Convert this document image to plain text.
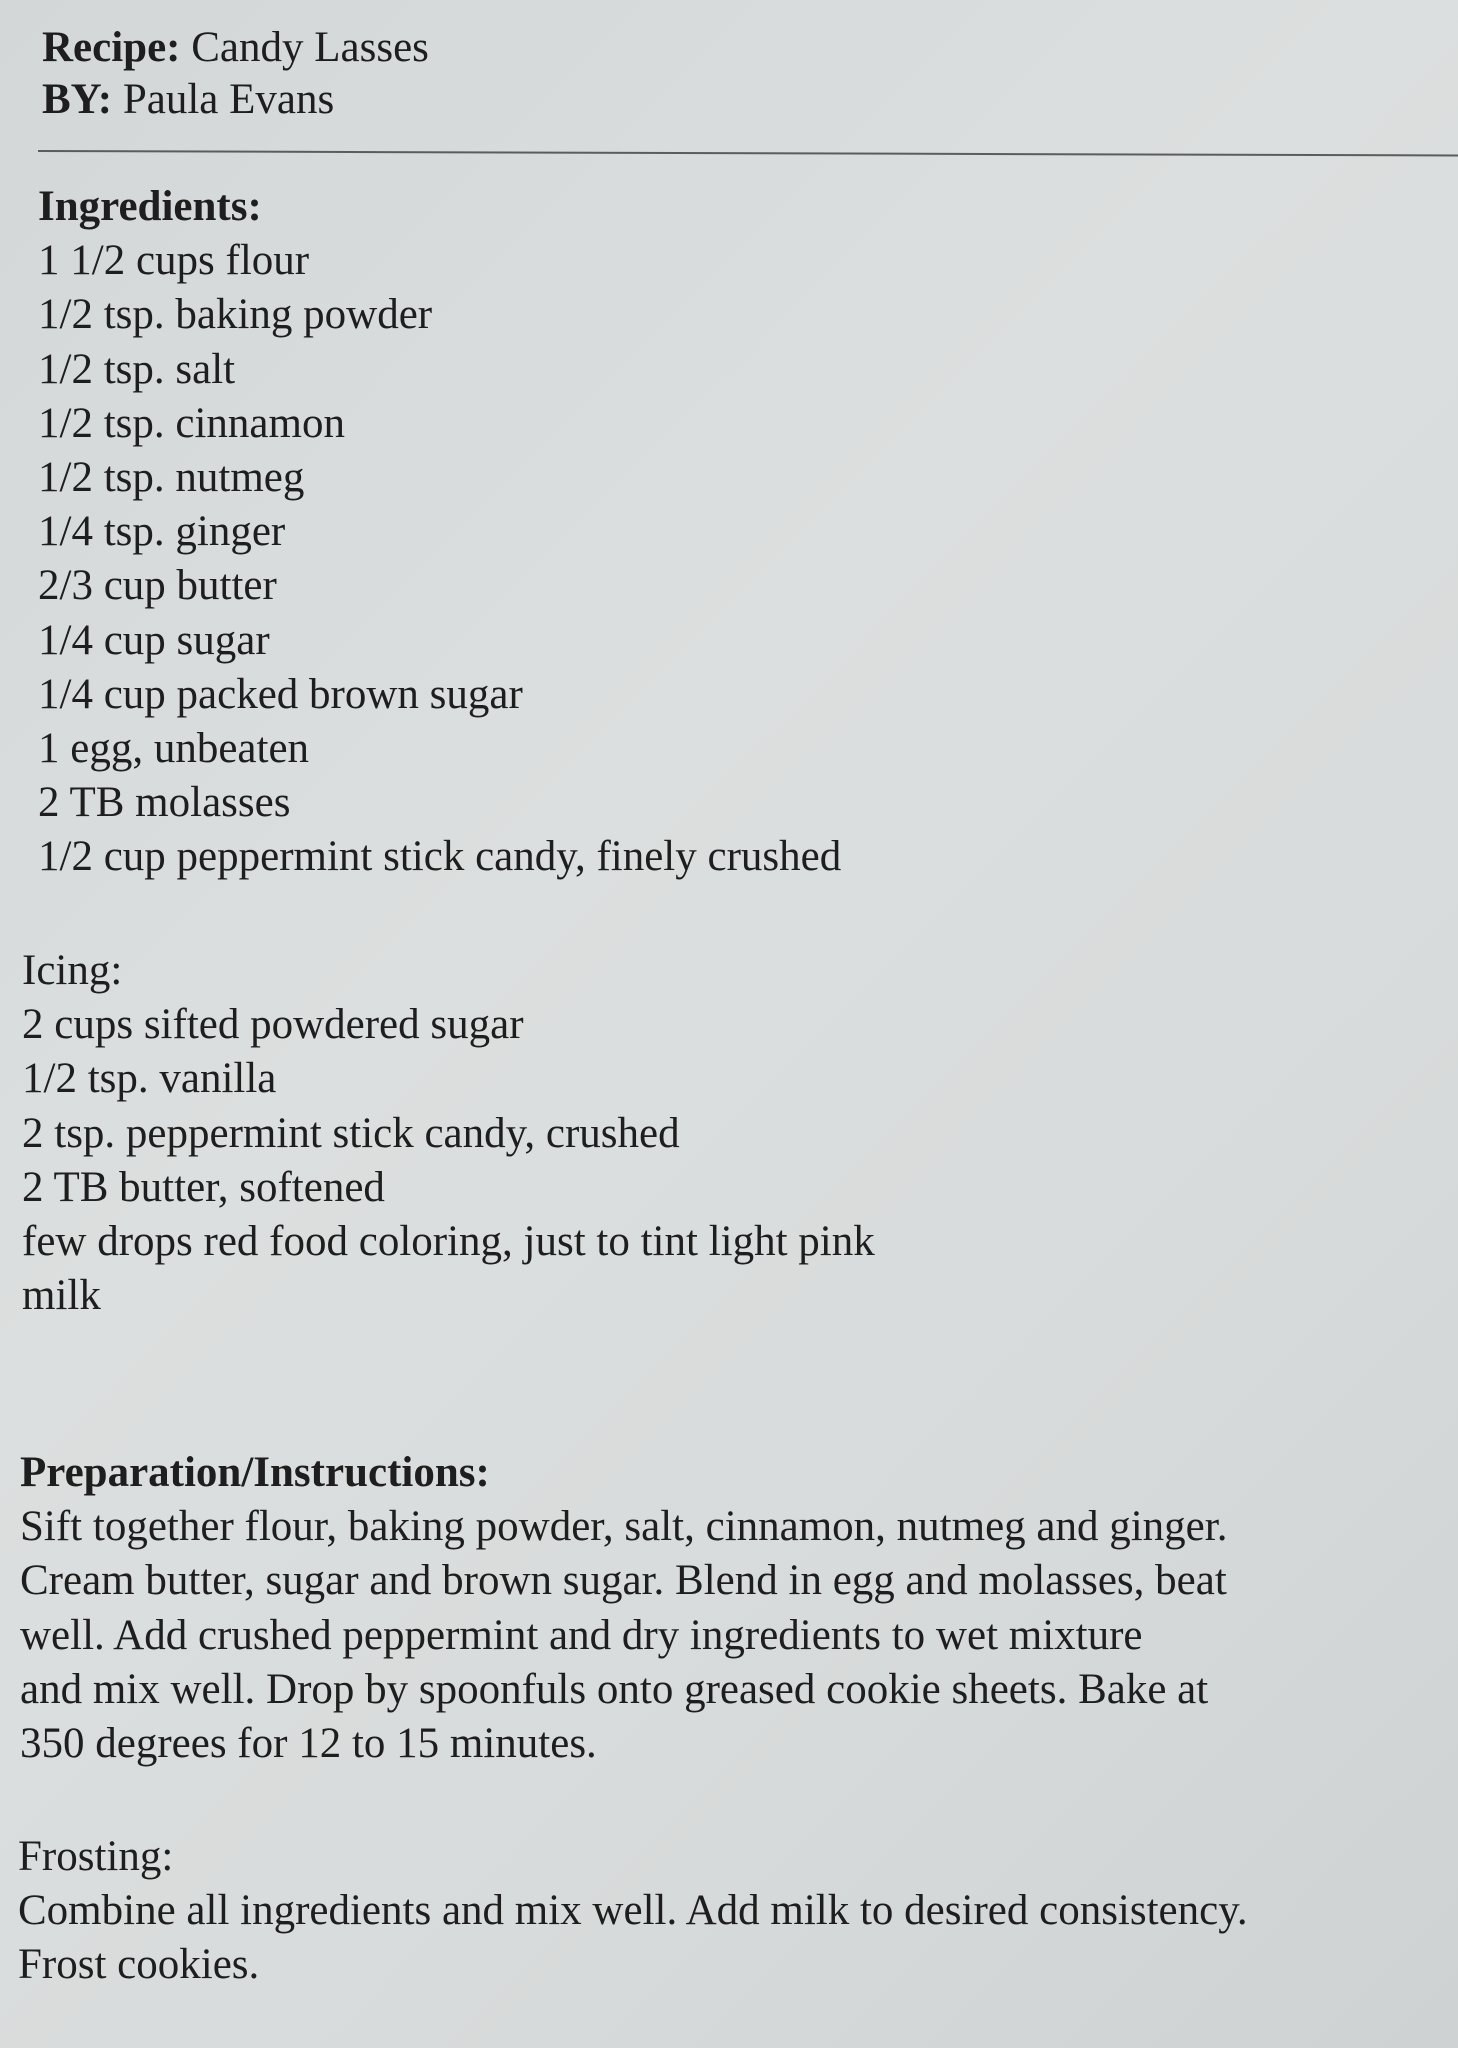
Recipe: Candy Lasses
BY: Paula Evans
Ingredients:
1 1/2 cups flour
1/2 tsp. baking powder
1/2 tsp. salt
1/2 tsp. cinnamon
1/2 tsp. nutmeg
1/4 tsp. ginger
2/3 cup butter
1/4 cup sugar
1/4 cup packed brown sugar
1 egg, unbeaten
2 TB molasses
1/2 cup peppermint stick candy, finely crushed
Icing:
2 cups sifted powdered sugar
1/2 tsp. vanilla
2 tsp. peppermint stick candy, crushed
2 TB butter, softened
few drops red food coloring, just to tint light pink
milk
Preparation/Instructions:
Sift together flour, baking powder, salt, cinnamon, nutmeg and ginger.
Cream butter, sugar and brown sugar. Blend in egg and molasses, beat
well. Add crushed peppermint and dry ingredients to wet mixture
and mix well. Drop by spoonfuls onto greased cookie sheets. Bake at
350 degrees for 12 to 15 minutes.
Frosting:
Combine all ingredients and mix well. Add milk to desired consistency.
Frost cookies.
